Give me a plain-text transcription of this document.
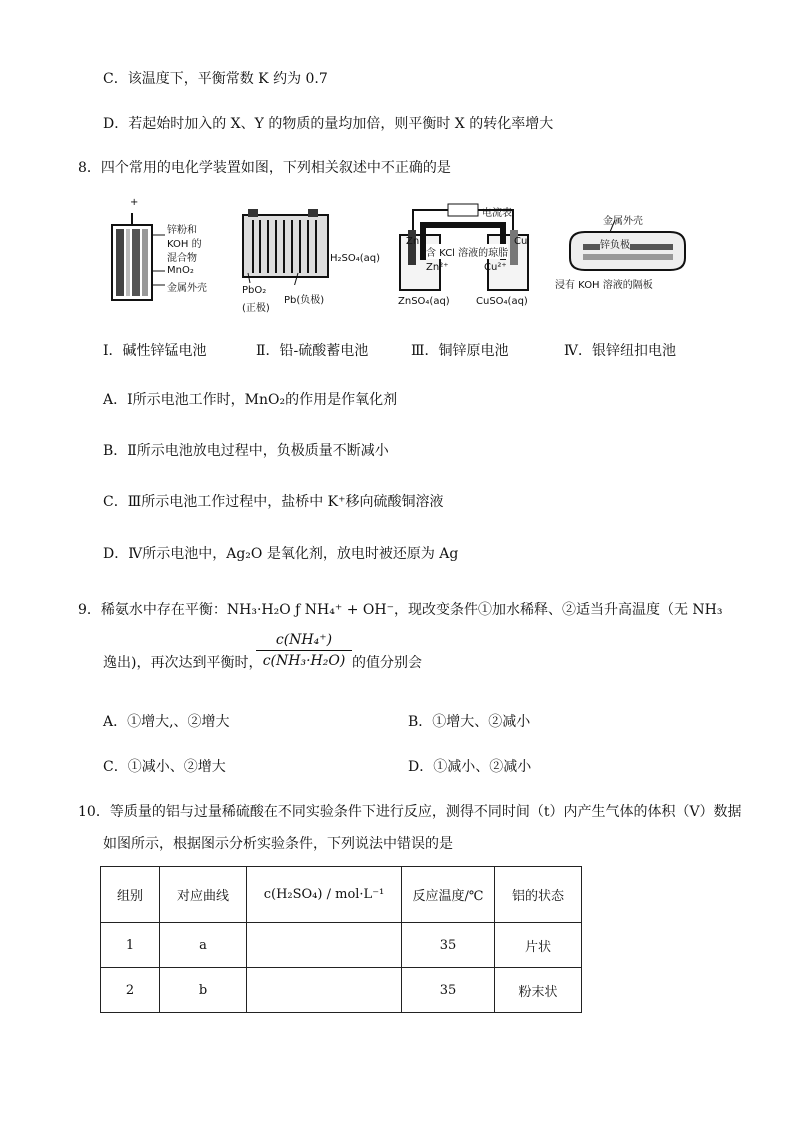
C．该温度下，平衡常数 K 约为 0.7
D．若起始时加入的 X、Y 的物质的量均加倍，则平衡时 X 的转化率增大
8．四个常用的电化学装置如图，下列相关叙述中不正确的是
+
锌粉和
KOH 的
混合物
MnO₂
金属外壳
H₂SO₄(aq)
PbO₂
(正极)
Pb(负极)
电流表
含 KCl 溶液的琼脂
Zn	Cu
Zn²⁺	Cu²⁺
ZnSO₄(aq)	CuSO₄(aq)
金属外壳
锌负极
浸有 KOH 溶液的隔板
Ⅰ．碱性锌锰电池	Ⅱ．铅-硫酸蓄电池	Ⅲ．铜锌原电池	Ⅳ．银锌纽扣电池
A．Ⅰ所示电池工作时，MnO₂的作用是作氧化剂
B．Ⅱ所示电池放电过程中，负极质量不断减小
C．Ⅲ所示电池工作过程中，盐桥中 K⁺移向硫酸铜溶液
D．Ⅳ所示电池中，Ag₂O 是氧化剂，放电时被还原为 Ag
9．稀氨水中存在平衡：NH₃·H₂O ƒ NH₄⁺ + OH⁻，现改变条件①加水稀释、②适当升高温度（无 NH₃
逸出)，再次达到平衡时，
c(NH₄⁺)
c(NH₃·H₂O) 的值分别会
A．①增大,、②增大	B．①增大、②减小
C．①减小、②增大	D．①减小、②减小
10．等质量的铝与过量稀硫酸在不同实验条件下进行反应，测得不同时间（t）内产生气体的体积（V）数据
如图所示，根据图示分析实验条件，下列说法中错误的是
组别	对应曲线	c(H₂SO₄) / mol·L⁻¹	反应温度/℃	铝的状态
1	a		35	片状
2	b		35	粉末状
